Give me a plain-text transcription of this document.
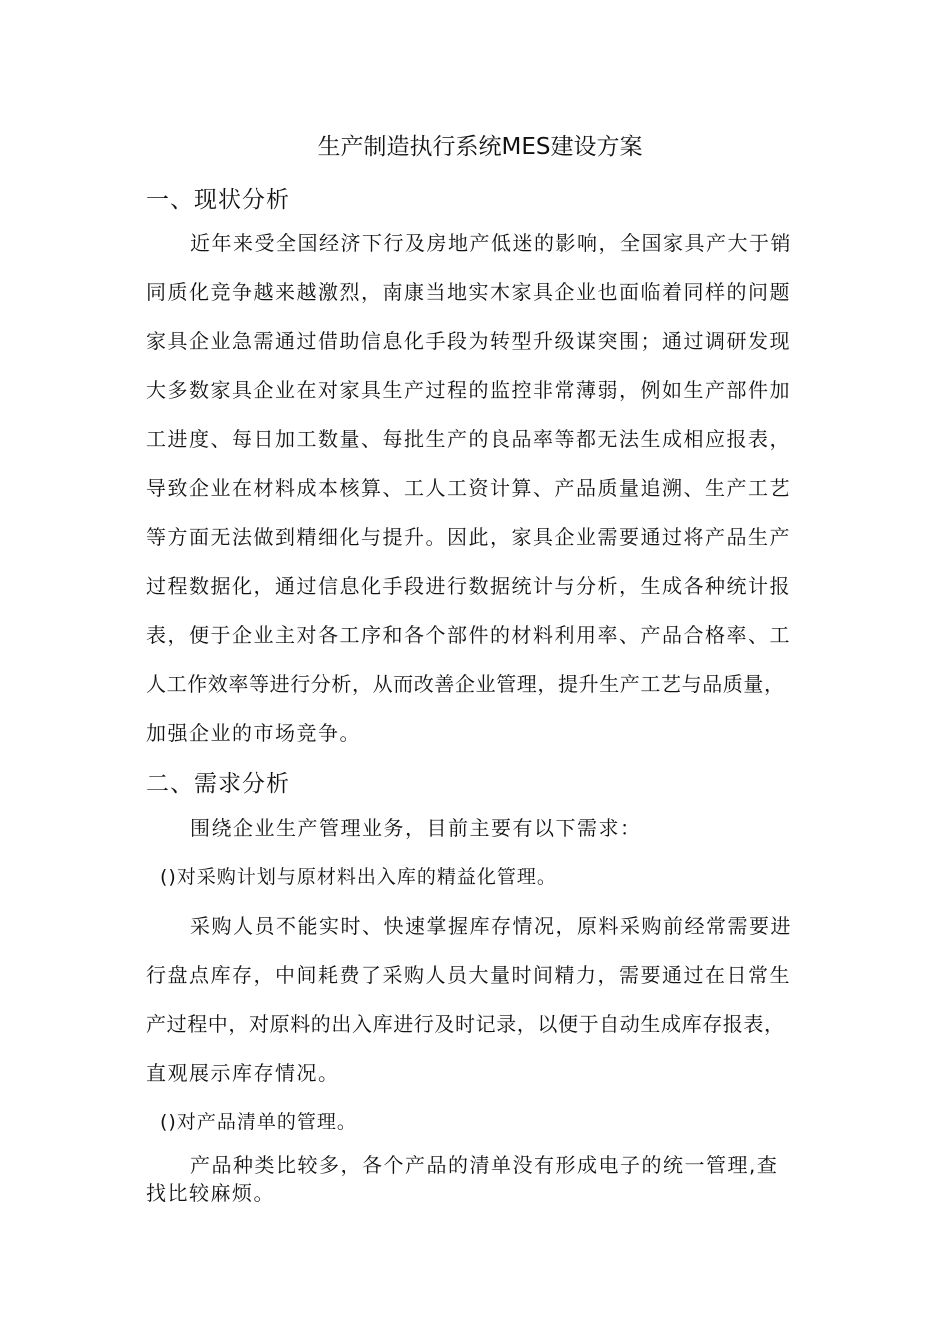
生产制造执行系统MES建设方案
一、现状分析
近年来受全国经济下行及房地产低迷的影响，全国家具产大于销
同质化竞争越来越激烈，南康当地实木家具企业也面临着同样的问题
家具企业急需通过借助信息化手段为转型升级谋突围；通过调研发现
大多数家具企业在对家具生产过程的监控非常薄弱，例如生产部件加
工进度、每日加工数量、每批生产的良品率等都无法生成相应报表，
导致企业在材料成本核算、工人工资计算、产品质量追溯、生产工艺
等方面无法做到精细化与提升。因此，家具企业需要通过将产品生产
过程数据化，通过信息化手段进行数据统计与分析，生成各种统计报
表，便于企业主对各工序和各个部件的材料利用率、产品合格率、工
人工作效率等进行分析，从而改善企业管理，提升生产工艺与品质量，
加强企业的市场竞争。
二、需求分析
围绕企业生产管理业务，目前主要有以下需求：
()对采购计划与原材料出入库的精益化管理。
采购人员不能实时、快速掌握库存情况，原料采购前经常需要进
行盘点库存，中间耗费了采购人员大量时间精力，需要通过在日常生
产过程中，对原料的出入库进行及时记录，以便于自动生成库存报表，
直观展示库存情况。
()对产品清单的管理。
产品种类比较多，各个产品的清单没有形成电子的统一管理,查
找比较麻烦。
